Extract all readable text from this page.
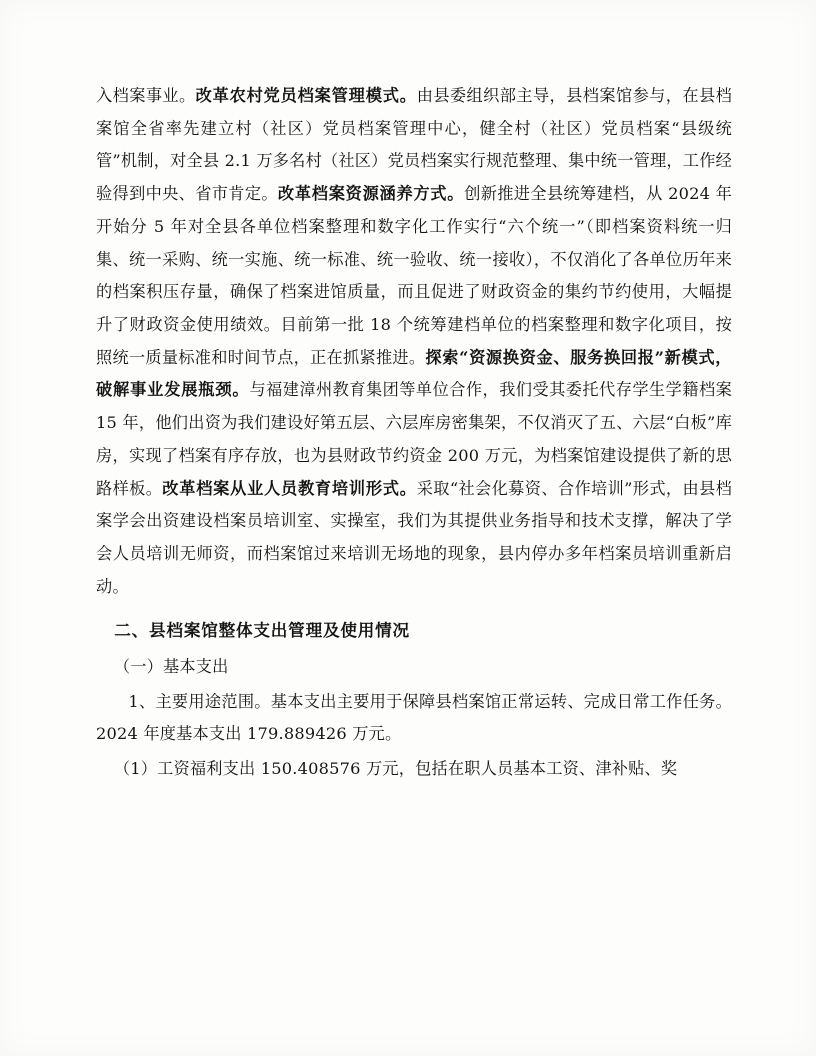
入档案事业。改革农村党员档案管理模式。由县委组织部主导，县档案馆参与，在县档案馆全省率先建立村（社区）党员档案管理中心，健全村（社区）党员档案“县级统管”机制，对全县 2.1 万多名村（社区）党员档案实行规范整理、集中统一管理，工作经验得到中央、省市肯定。改革档案资源涵养方式。创新推进全县统筹建档，从 2024 年开始分 5 年对全县各单位档案整理和数字化工作实行“六个统一”（即档案资料统一归集、统一采购、统一实施、统一标准、统一验收、统一接收），不仅消化了各单位历年来的档案积压存量，确保了档案进馆质量，而且促进了财政资金的集约节约使用，大幅提升了财政资金使用绩效。目前第一批 18 个统筹建档单位的档案整理和数字化项目，按照统一质量标准和时间节点，正在抓紧推进。探索“资源换资金、服务换回报”新模式，破解事业发展瓶颈。与福建漳州教育集团等单位合作，我们受其委托代存学生学籍档案 15 年，他们出资为我们建设好第五层、六层库房密集架，不仅消灭了五、六层“白板”库房，实现了档案有序存放，也为县财政节约资金 200 万元，为档案馆建设提供了新的思路样板。改革档案从业人员教育培训形式。采取“社会化募资、合作培训”形式，由县档案学会出资建设档案员培训室、实操室，我们为其提供业务指导和技术支撑，解决了学会人员培训无师资，而档案馆过来培训无场地的现象，县内停办多年档案员培训重新启动。

二、县档案馆整体支出管理及使用情况

（一）基本支出

1、主要用途范围。基本支出主要用于保障县档案馆正常运转、完成日常工作任务。2024 年度基本支出 179.889426 万元。

（1）工资福利支出 150.408576 万元，包括在职人员基本工资、津补贴、奖
